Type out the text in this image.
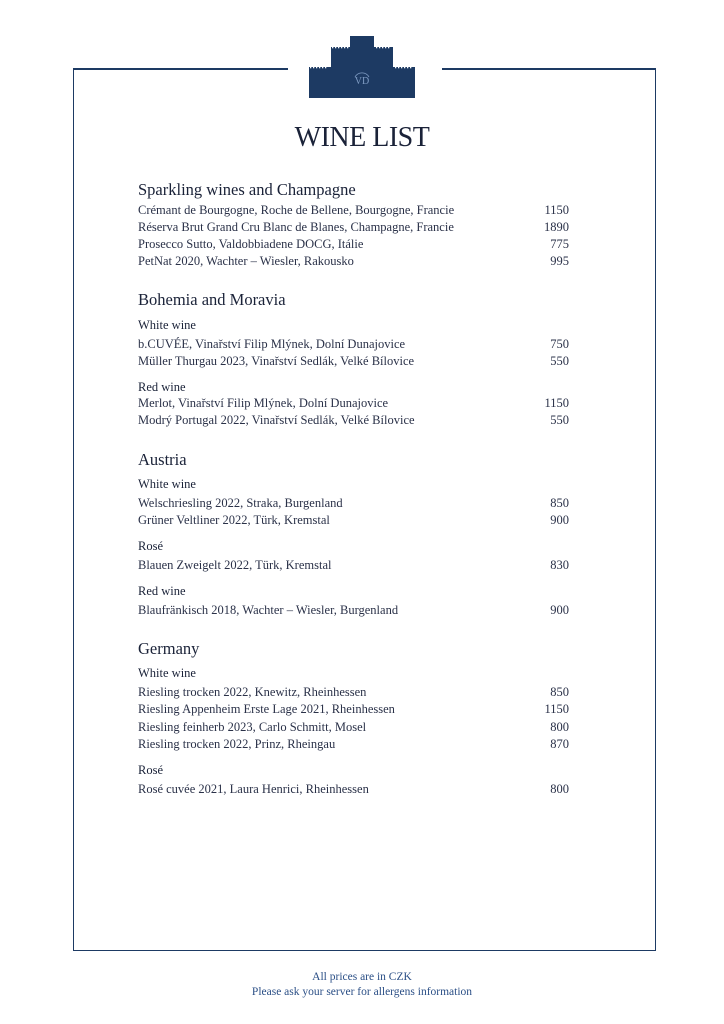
VD
WINE LIST
Sparkling wines and Champagne
Crémant de Bourgogne, Roche de Bellene, Bourgogne, Francie	1150
Réserva Brut Grand Cru Blanc de Blanes, Champagne, Francie	1890
Prosecco Sutto, Valdobbiadene DOCG, Itálie	775
PetNat 2020, Wachter – Wiesler, Rakousko	995
Bohemia and Moravia
White wine
b.CUVÉE, Vinařství Filip Mlýnek, Dolní Dunajovice	750
Müller Thurgau 2023, Vinařství Sedlák, Velké Bílovice	550
Red wine
Merlot, Vinařství Filip Mlýnek, Dolní Dunajovice	1150
Modrý Portugal 2022, Vinařství Sedlák, Velké Bílovice	550
Austria
White wine
Welschriesling 2022, Straka, Burgenland	850
Grüner Veltliner 2022, Türk, Kremstal	900
Rosé
Blauen Zweigelt 2022, Türk, Kremstal	830
Red wine
Blaufränkisch 2018, Wachter – Wiesler, Burgenland	900
Germany
White wine
Riesling trocken 2022, Knewitz, Rheinhessen	850
Riesling Appenheim Erste Lage 2021, Rheinhessen	1150
Riesling feinherb 2023, Carlo Schmitt, Mosel	800
Riesling trocken 2022, Prinz, Rheingau	870
Rosé
Rosé cuvée 2021, Laura Henrici, Rheinhessen	800
All prices are in CZK
Please ask your server for allergens information
